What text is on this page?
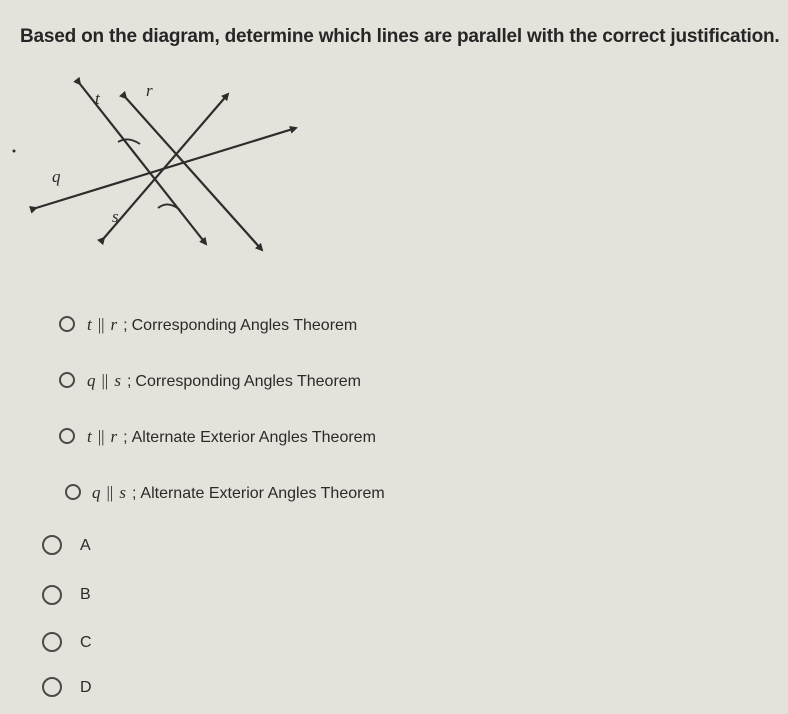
Based on the diagram, determine which lines are parallel with the correct justification.
t	r
q
s
t || r ; Corresponding Angles Theorem
q || s ; Corresponding Angles Theorem
t || r ; Alternate Exterior Angles Theorem
q || s ; Alternate Exterior Angles Theorem
A
B
C
D
